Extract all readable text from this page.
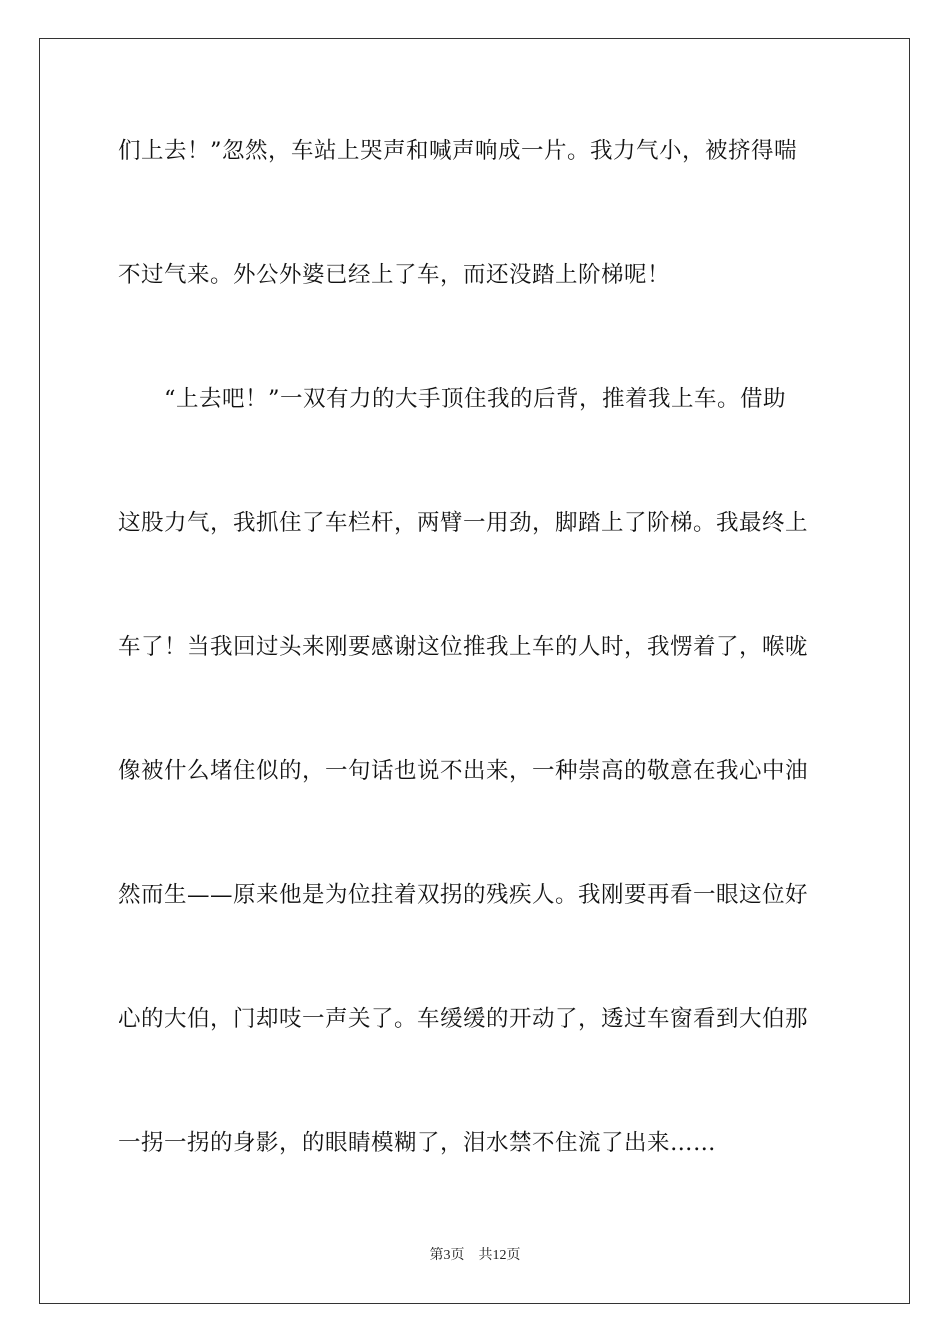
们上去！”忽然，车站上哭声和喊声响成一片。我力气小，被挤得喘
不过气来。外公外婆已经上了车，而还没踏上阶梯呢！
“上去吧！”一双有力的大手顶住我的后背，推着我上车。借助
这股力气，我抓住了车栏杆，两臂一用劲，脚踏上了阶梯。我最终上
车了！当我回过头来刚要感谢这位推我上车的人时，我愣着了，喉咙
像被什么堵住似的，一句话也说不出来，一种崇高的敬意在我心中油
然而生——原来他是为位拄着双拐的残疾人。我刚要再看一眼这位好
心的大伯，门却吱一声关了。车缓缓的开动了，透过车窗看到大伯那
一拐一拐的身影，的眼睛模糊了，泪水禁不住流了出来……
第3页　共12页
